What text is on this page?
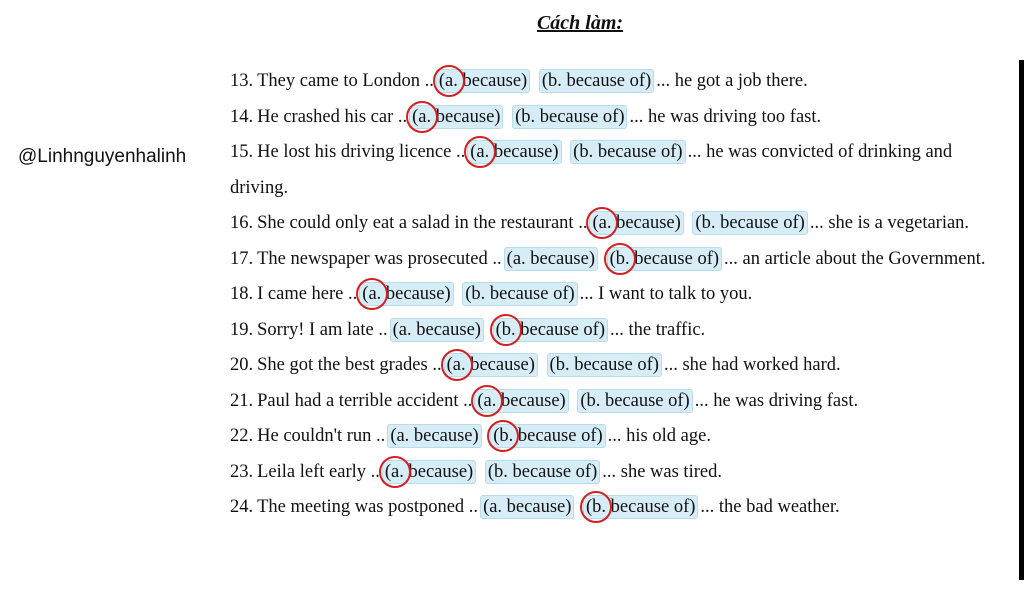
Cách làm:
@Linhnguyenhalinh
13. They came to London .. (a. because) (b. because of) ... he got a job there.
14. He crashed his car .. (a. because) (b. because of) ... he was driving too fast.
15. He lost his driving licence .. (a. because) (b. because of) ... he was convicted of drinking and driving.
16. She could only eat a salad in the restaurant .. (a. because) (b. because of) ... she is a vegetarian.
17. The newspaper was prosecuted .. (a. because) (b. because of) ... an article about the Government.
18. I came here .. (a. because) (b. because of) ... I want to talk to you.
19. Sorry! I am late .. (a. because) (b. because of) ... the traffic.
20. She got the best grades .. (a. because) (b. because of) ... she had worked hard.
21. Paul had a terrible accident .. (a. because) (b. because of) ... he was driving fast.
22. He couldn't run .. (a. because) (b. because of) ... his old age.
23. Leila left early .. (a. because) (b. because of) ... she was tired.
24. The meeting was postponed .. (a. because) (b. because of) ... the bad weather.
